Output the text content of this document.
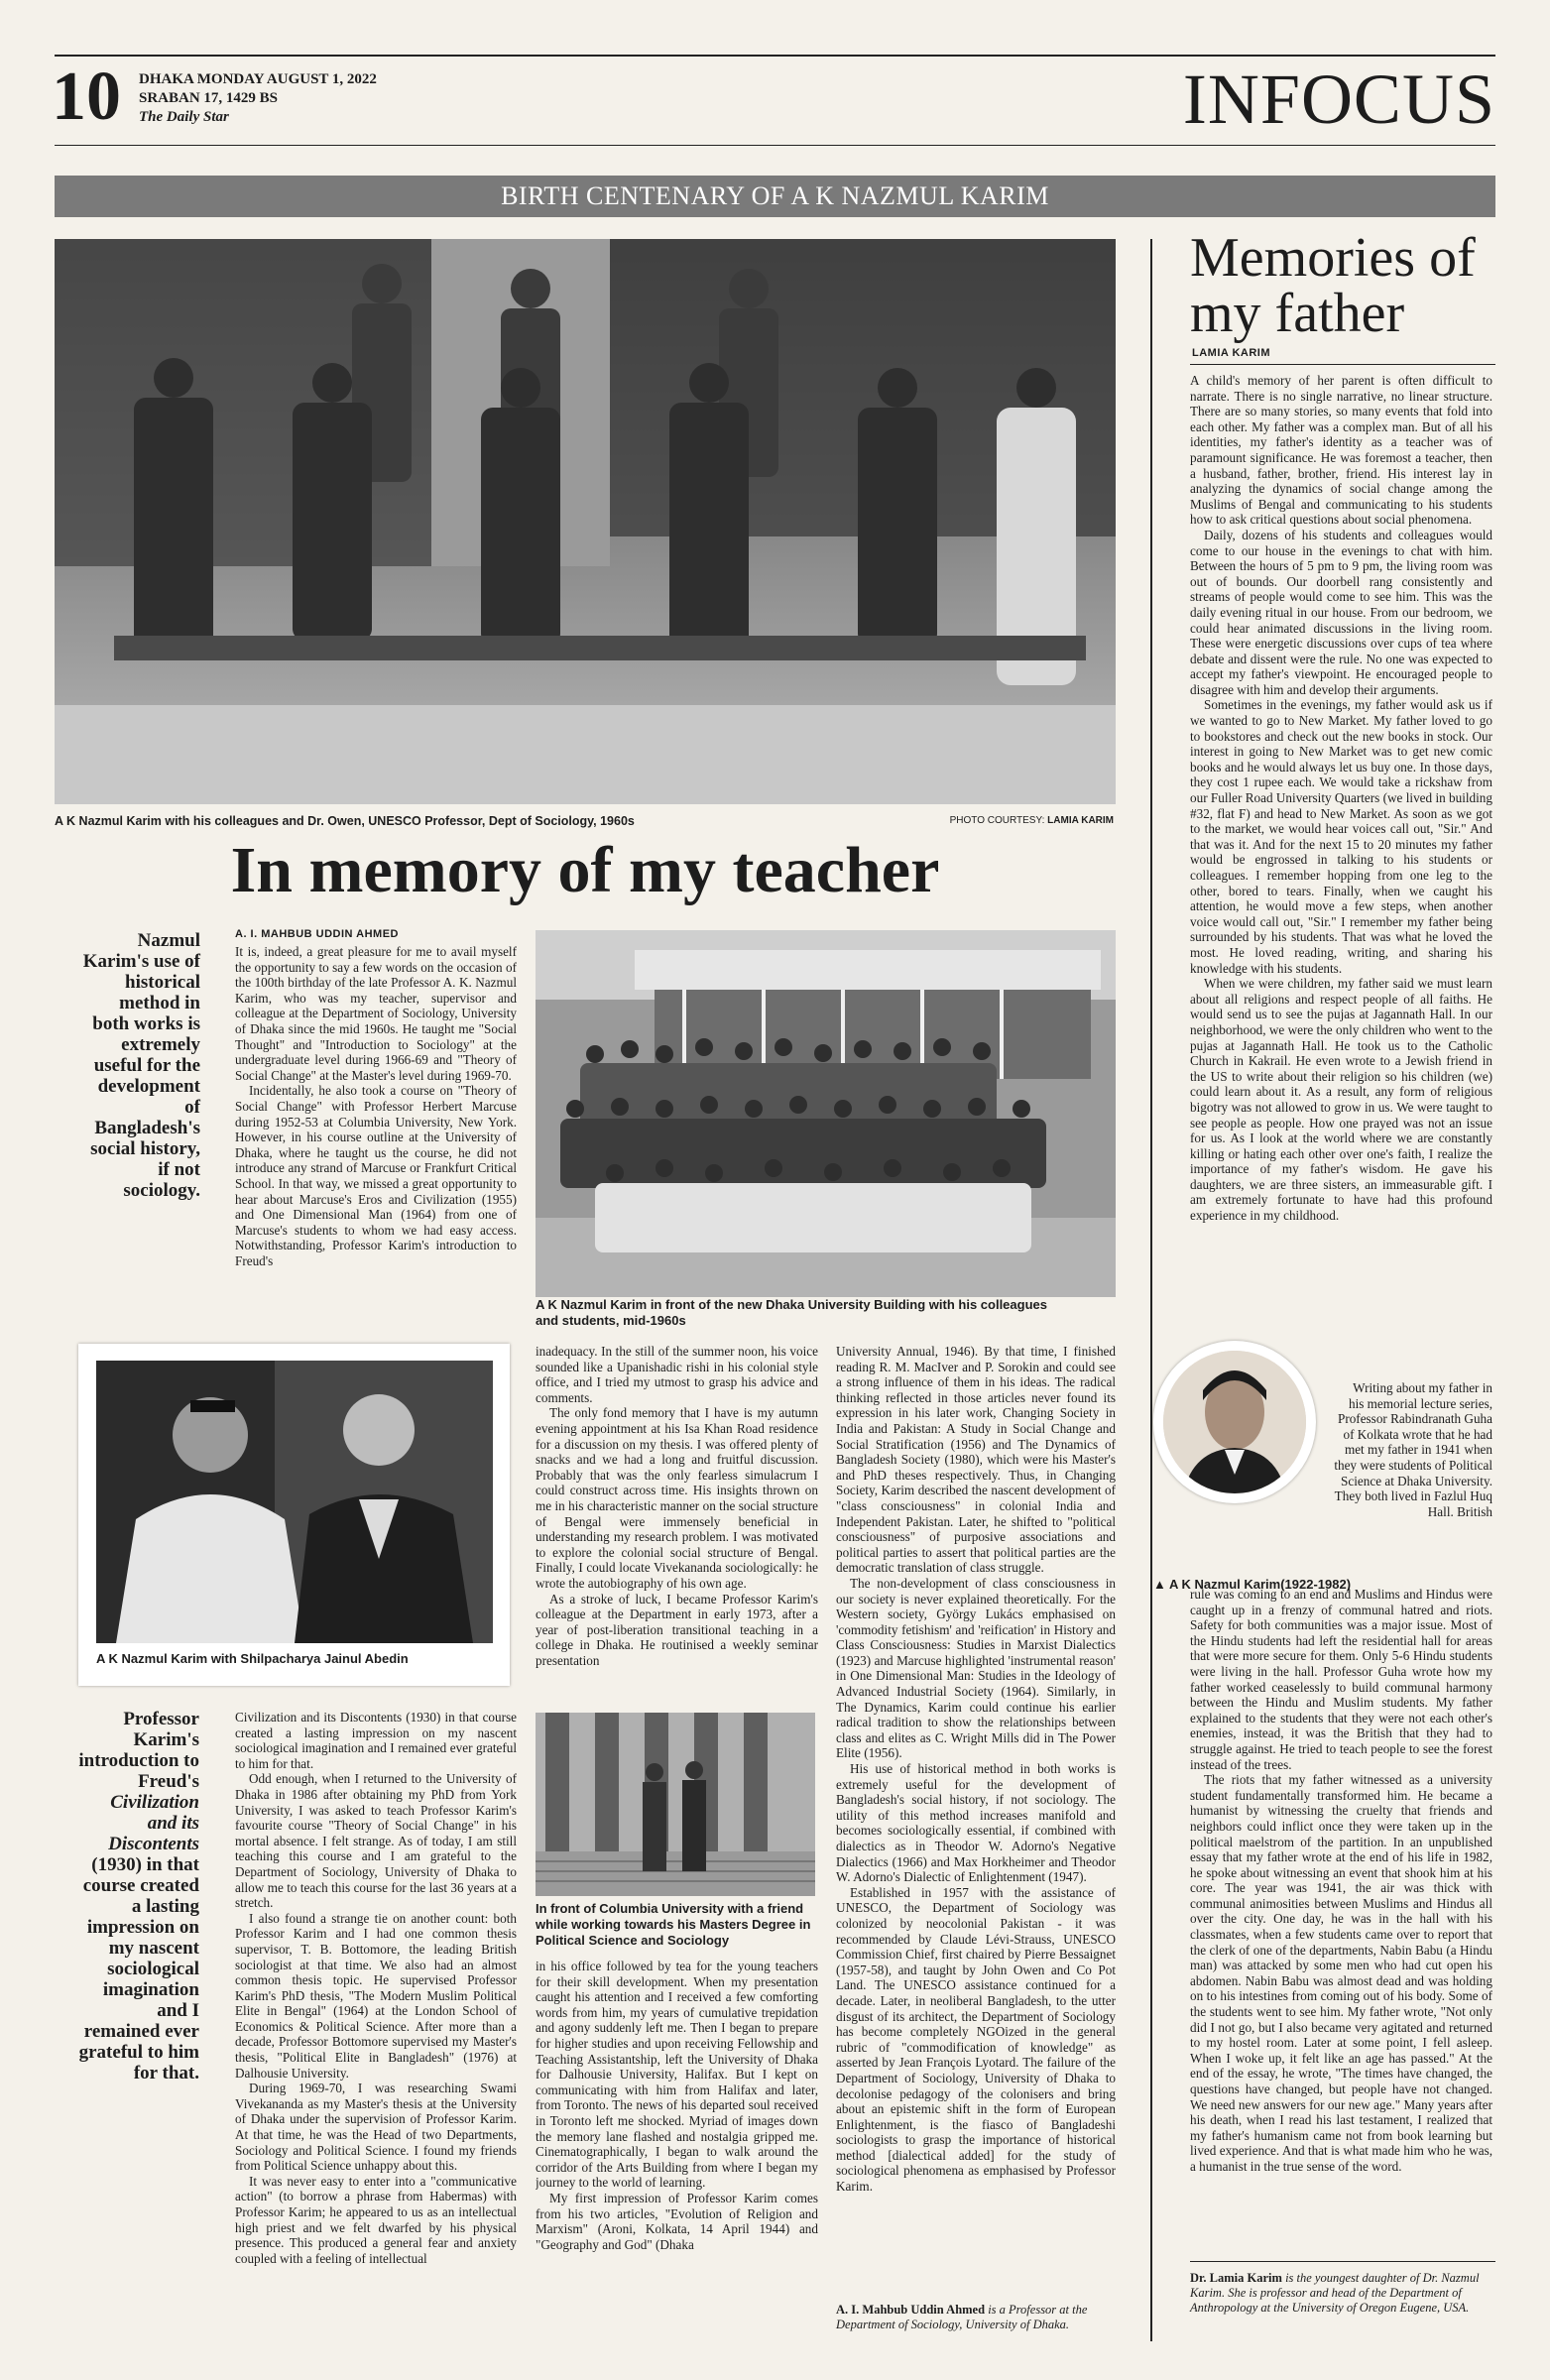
10 DHAKA MONDAY AUGUST 1, 2022
SRABAN 17, 1429 BS
The Daily Star	INFOCUS
BIRTH CENTENARY OF A K NAZMUL KARIM
A K Nazmul Karim with his colleagues and Dr. Owen, UNESCO Professor, Dept of Sociology, 1960s	PHOTO COURTESY: LAMIA KARIM
In memory of my teacher
Nazmul Karim's use of historical method in both works is extremely useful for the development of Bangladesh's social history, if not sociology.
A. I. MAHBUB UDDIN AHMED

It is, indeed, a great pleasure for me to avail myself the opportunity to say a few words on the occasion of the 100th birthday of the late Professor A. K. Nazmul Karim, who was my teacher, supervisor and colleague at the Department of Sociology, University of Dhaka since the mid 1960s. He taught me "Social Thought" and "Introduction to Sociology" at the undergraduate level during 1966-69 and "Theory of Social Change" at the Master's level during 1969-70.

Incidentally, he also took a course on "Theory of Social Change" with Professor Herbert Marcuse during 1952-53 at Columbia University, New York. However, in his course outline at the University of Dhaka, where he taught us the course, he did not introduce any strand of Marcuse or Frankfurt Critical School. In that way, we missed a great opportunity to hear about Marcuse's Eros and Civilization (1955) and One Dimensional Man (1964) from one of Marcuse's students to whom we had easy access. Notwithstanding, Professor Karim's introduction to Freud's

A K Nazmul Karim in front of the new Dhaka University Building with his colleagues and students, mid-1960s
A K Nazmul Karim with Shilpacharya Jainul Abedin
Professor Karim's introduction to Freud's Civilization and its Discontents (1930) in that course created a lasting impression on my nascent sociological imagination and I remained ever grateful to him for that.

Civilization and its Discontents (1930) in that course created a lasting impression on my nascent sociological imagination and I remained ever grateful to him for that.

Odd enough, when I returned to the University of Dhaka in 1986 after obtaining my PhD from York University, I was asked to teach Professor Karim's favourite course "Theory of Social Change" in his mortal absence. I felt strange. As of today, I am still teaching this course and I am grateful to the Department of Sociology, University of Dhaka to allow me to teach this course for the last 36 years at a stretch.

I also found a strange tie on another count: both Professor Karim and I had one common thesis supervisor, T. B. Bottomore, the leading British sociologist at that time. We also had an almost common thesis topic. He supervised Professor Karim's PhD thesis, "The Modern Muslim Political Elite in Bengal" (1964) at the London School of Economics & Political Science. After more than a decade, Professor Bottomore supervised my Master's thesis, "Political Elite in Bangladesh" (1976) at Dalhousie University.

During 1969-70, I was researching Swami Vivekananda as my Master's thesis at the University of Dhaka under the supervision of Professor Karim. At that time, he was the Head of two Departments, Sociology and Political Science. I found my friends from Political Science unhappy about this.

It was never easy to enter into a "communicative action" (to borrow a phrase from Habermas) with Professor Karim; he appeared to us as an intellectual high priest and we felt dwarfed by his physical presence. This produced a general fear and anxiety coupled with a feeling of intellectual

inadequacy. In the still of the summer noon, his voice sounded like a Upanishadic rishi in his colonial style office, and I tried my utmost to grasp his advice and comments.

The only fond memory that I have is my autumn evening appointment at his Isa Khan Road residence for a discussion on my thesis. I was offered plenty of snacks and we had a long and fruitful discussion. Probably that was the only fearless simulacrum I could construct across time. His insights thrown on me in his characteristic manner on the social structure of Bengal were immensely beneficial in understanding my research problem. I was motivated to explore the colonial social structure of Bengal. Finally, I could locate Vivekananda sociologically: he wrote the autobiography of his own age.

As a stroke of luck, I became Professor Karim's colleague at the Department in early 1973, after a year of post-liberation transitional teaching in a college in Dhaka. He routinised a weekly seminar presentation

In front of Columbia University with a friend while working towards his Masters Degree in Political Science and Sociology

in his office followed by tea for the young teachers for their skill development. When my presentation caught his attention and I received a few comforting words from him, my years of cumulative trepidation and agony suddenly left me. Then I began to prepare for higher studies and upon receiving Fellowship and Teaching Assistantship, left the University of Dhaka for Dalhousie University, Halifax. But I kept on communicating with him from Halifax and later, from Toronto. The news of his departed soul received in Toronto left me shocked. Myriad of images down the memory lane flashed and nostalgia gripped me. Cinematographically, I began to walk around the corridor of the Arts Building from where I began my journey to the world of learning.

My first impression of Professor Karim comes from his two articles, "Evolution of Religion and Marxism" (Aroni, Kolkata, 14 April 1944) and "Geography and God" (Dhaka

University Annual, 1946). By that time, I finished reading R. M. MacIver and P. Sorokin and could see a strong influence of them in his ideas. The radical thinking reflected in those articles never found its expression in his later work, Changing Society in India and Pakistan: A Study in Social Change and Social Stratification (1956) and The Dynamics of Bangladesh Society (1980), which were his Master's and PhD theses respectively. Thus, in Changing Society, Karim described the nascent development of "class consciousness" in colonial India and Independent Pakistan. Later, he shifted to "political consciousness" of purposive associations and political parties to assert that political parties are the democratic translation of class struggle.

The non-development of class consciousness in our society is never explained theoretically. For the Western society, György Lukács emphasised on 'commodity fetishism' and 'reification' in History and Class Consciousness: Studies in Marxist Dialectics (1923) and Marcuse highlighted 'instrumental reason' in One Dimensional Man: Studies in the Ideology of Advanced Industrial Society (1964). Similarly, in The Dynamics, Karim could continue his earlier radical tradition to show the relationships between class and elites as C. Wright Mills did in The Power Elite (1956).

His use of historical method in both works is extremely useful for the development of Bangladesh's social history, if not sociology. The utility of this method increases manifold and becomes sociologically essential, if combined with dialectics as in Theodor W. Adorno's Negative Dialectics (1966) and Max Horkheimer and Theodor W. Adorno's Dialectic of Enlightenment (1947).

Established in 1957 with the assistance of UNESCO, the Department of Sociology was colonized by neocolonial Pakistan - it was recommended by Claude Lévi-Strauss, UNESCO Commission Chief, first chaired by Pierre Bessaignet (1957-58), and taught by John Owen and Co Pot Land. The UNESCO assistance continued for a decade. Later, in neoliberal Bangladesh, to the utter disgust of its architect, the Department of Sociology has become completely NGOized in the general rubric of "commodification of knowledge" as asserted by Jean François Lyotard. The failure of the Department of Sociology, University of Dhaka to decolonise pedagogy of the colonisers and bring about an epistemic shift in the form of European Enlightenment, is the fiasco of Bangladeshi sociologists to grasp the importance of historical method [dialectical added] for the study of sociological phenomena as emphasised by Professor Karim.

A. I. Mahbub Uddin Ahmed is a Professor at the Department of Sociology, University of Dhaka.
Memories of my father
LAMIA KARIM

A child's memory of her parent is often difficult to narrate. There is no single narrative, no linear structure. There are so many stories, so many events that fold into each other. My father was a complex man. But of all his identities, my father's identity as a teacher was of paramount significance. He was foremost a teacher, then a husband, father, brother, friend. His interest lay in analyzing the dynamics of social change among the Muslims of Bengal and communicating to his students how to ask critical questions about social phenomena.

Daily, dozens of his students and colleagues would come to our house in the evenings to chat with him. Between the hours of 5 pm to 9 pm, the living room was out of bounds. Our doorbell rang consistently and streams of people would come to see him. This was the daily evening ritual in our house. From our bedroom, we could hear animated discussions in the living room. These were energetic discussions over cups of tea where debate and dissent were the rule. No one was expected to accept my father's viewpoint. He encouraged people to disagree with him and develop their arguments.

Sometimes in the evenings, my father would ask us if we wanted to go to New Market. My father loved to go to bookstores and check out the new books in stock. Our interest in going to New Market was to get new comic books and he would always let us buy one. In those days, they cost 1 rupee each. We would take a rickshaw from our Fuller Road University Quarters (we lived in building #32, flat F) and head to New Market. As soon as we got to the market, we would hear voices call out, "Sir." And that was it. And for the next 15 to 20 minutes my father would be engrossed in talking to his students or colleagues. I remember hopping from one leg to the other, bored to tears. Finally, when we caught his attention, he would move a few steps, when another voice would call out, "Sir." I remember my father being surrounded by his students. That was what he loved the most. He loved reading, writing, and sharing his knowledge with his students.

When we were children, my father said we must learn about all religions and respect people of all faiths. He would send us to see the pujas at Jagannath Hall. In our neighborhood, we were the only children who went to the pujas at Jagannath Hall. He took us to the Catholic Church in Kakrail. He even wrote to a Jewish friend in the US to write about their religion so his children (we) could learn about it. As a result, any form of religious bigotry was not allowed to grow in us. We were taught to see people as people. How one prayed was not an issue for us. As I look at the world where we are constantly killing or hating each other over one's faith, I realize the importance of my father's wisdom. He gave his daughters, we are three sisters, an immeasurable gift. I am extremely fortunate to have had this profound experience in my childhood.

Writing about my father in his memorial lecture series, Professor Rabindranath Guha of Kolkata wrote that he had met my father in 1941 when they were students of Political Science at Dhaka University. They both lived in Fazlul Huq Hall. British

▲ A K Nazmul Karim(1922-1982)

rule was coming to an end and Muslims and Hindus were caught up in a frenzy of communal hatred and riots. Safety for both communities was a major issue. Most of the Hindu students had left the residential hall for areas that were more secure for them. Only 5-6 Hindu students were living in the hall. Professor Guha wrote how my father worked ceaselessly to build communal harmony between the Hindu and Muslim students. My father explained to the students that they were not each other's enemies, instead, it was the British that they had to struggle against. He tried to teach people to see the forest instead of the trees.

The riots that my father witnessed as a university student fundamentally transformed him. He became a humanist by witnessing the cruelty that friends and neighbors could inflict once they were taken up in the political maelstrom of the partition. In an unpublished essay that my father wrote at the end of his life in 1982, he spoke about witnessing an event that shook him at his core. The year was 1941, the air was thick with communal animosities between Muslims and Hindus all over the city. One day, he was in the hall with his classmates, when a few students came over to report that the clerk of one of the departments, Nabin Babu (a Hindu man) was attacked by some men who had cut open his abdomen. Nabin Babu was almost dead and was holding on to his intestines from coming out of his body. Some of the students went to see him. My father wrote, "Not only did I not go, but I also became very agitated and returned to my hostel room. Later at some point, I fell asleep. When I woke up, it felt like an age has passed." At the end of the essay, he wrote, "The times have changed, the questions have changed, but people have not changed. We need new answers for our new age." Many years after his death, when I read his last testament, I realized that my father's humanism came not from book learning but lived experience. And that is what made him who he was, a humanist in the true sense of the word.

Dr. Lamia Karim is the youngest daughter of Dr. Nazmul Karim. She is professor and head of the Department of Anthropology at the University of Oregon Eugene, USA.
